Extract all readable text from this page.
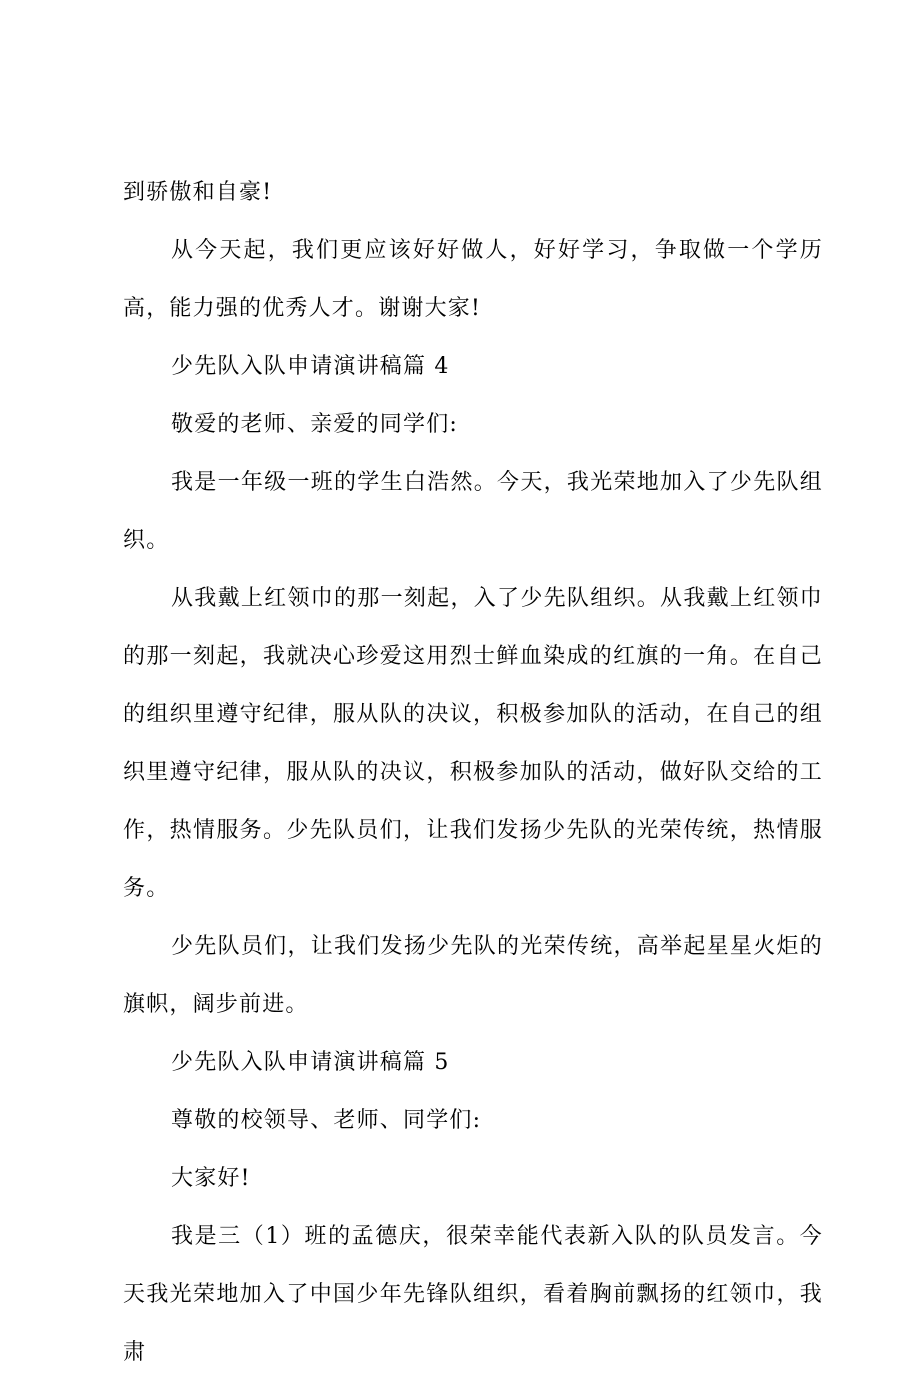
到骄傲和自豪!

从今天起，我们更应该好好做人，好好学习，争取做一个学历高，能力强的优秀人才。谢谢大家!

少先队入队申请演讲稿篇 4

敬爱的老师、亲爱的同学们:

我是一年级一班的学生白浩然。今天，我光荣地加入了少先队组织。

从我戴上红领巾的那一刻起，入了少先队组织。从我戴上红领巾的那一刻起，我就决心珍爱这用烈士鲜血染成的红旗的一角。在自己的组织里遵守纪律，服从队的决议，积极参加队的活动，在自己的组织里遵守纪律，服从队的决议，积极参加队的活动，做好队交给的工作，热情服务。少先队员们，让我们发扬少先队的光荣传统，热情服务。

少先队员们，让我们发扬少先队的光荣传统，高举起星星火炬的旗帜，阔步前进。

少先队入队申请演讲稿篇 5

尊敬的校领导、老师、同学们:

大家好!

我是三（1）班的孟德庆，很荣幸能代表新入队的队员发言。今天我光荣地加入了中国少年先锋队组织，看着胸前飘扬的红领巾，我肃
